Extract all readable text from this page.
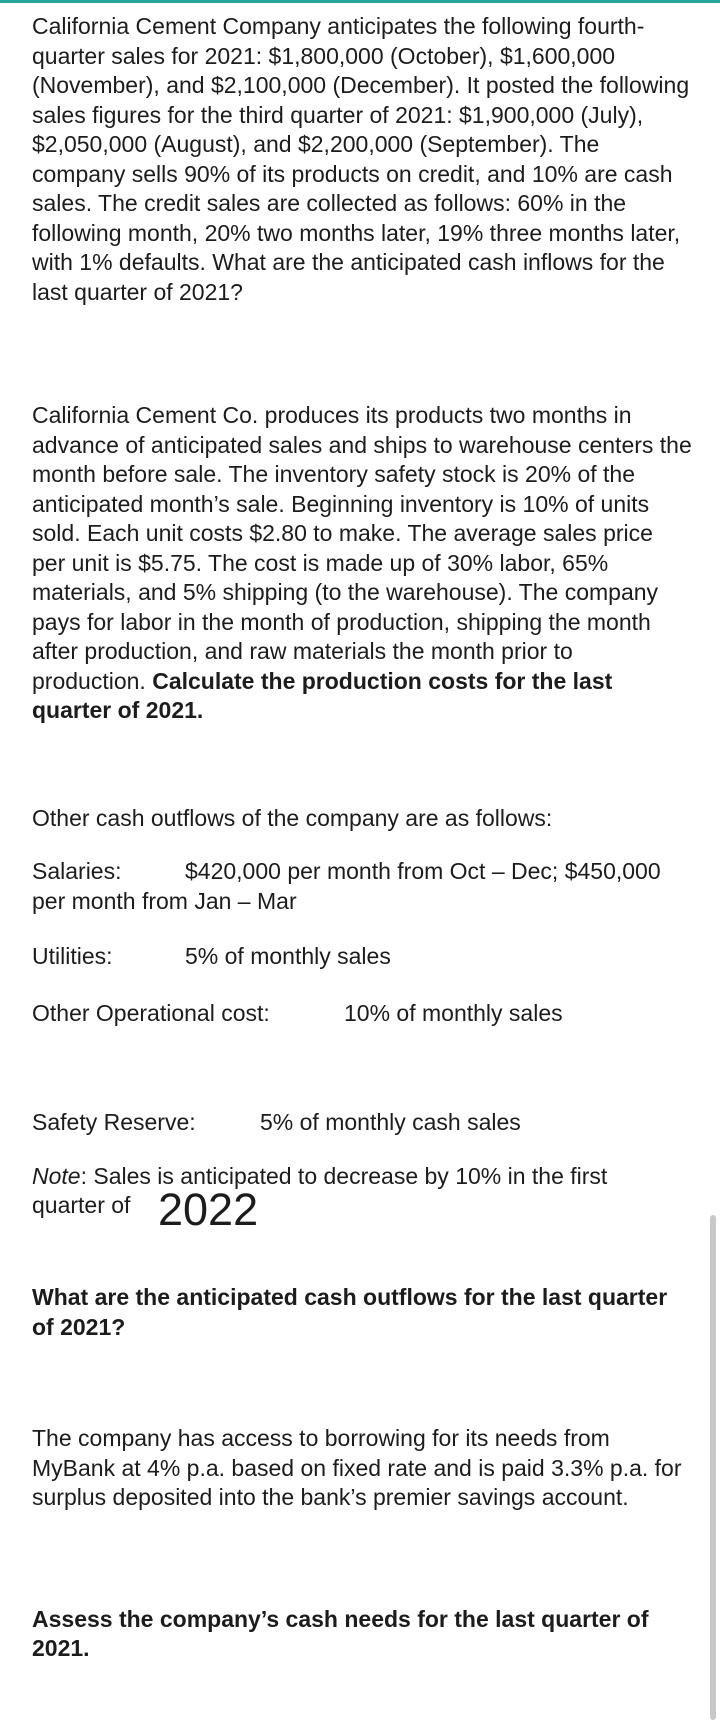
California Cement Company anticipates the following fourth-quarter sales for 2021: $1,800,000 (October), $1,600,000 (November), and $2,100,000 (December). It posted the following sales figures for the third quarter of 2021: $1,900,000 (July), $2,050,000 (August), and $2,200,000 (September). The company sells 90% of its products on credit, and 10% are cash sales. The credit sales are collected as follows: 60% in the following month, 20% two months later, 19% three months later, with 1% defaults. What are the anticipated cash inflows for the last quarter of 2021?

California Cement Co. produces its products two months in advance of anticipated sales and ships to warehouse centers the month before sale. The inventory safety stock is 20% of the anticipated month’s sale. Beginning inventory is 10% of units sold. Each unit costs $2.80 to make. The average sales price per unit is $5.75. The cost is made up of 30% labor, 65% materials, and 5% shipping (to the warehouse). The company pays for labor in the month of production, shipping the month after production, and raw materials the month prior to production. Calculate the production costs for the last quarter of 2021.

Other cash outflows of the company are as follows:

Salaries:	$420,000 per month from Oct – Dec; $450,000
per month from Jan – Mar
Utilities:	5% of monthly sales
Other Operational cost:	10% of monthly sales
Safety Reserve:	5% of monthly cash sales
Note: Sales is anticipated to decrease by 10% in the first
quarter of 2022

What are the anticipated cash outflows for the last quarter of 2021?

The company has access to borrowing for its needs from MyBank at 4% p.a. based on fixed rate and is paid 3.3% p.a. for surplus deposited into the bank’s premier savings account.

Assess the company’s cash needs for the last quarter of 2021.
